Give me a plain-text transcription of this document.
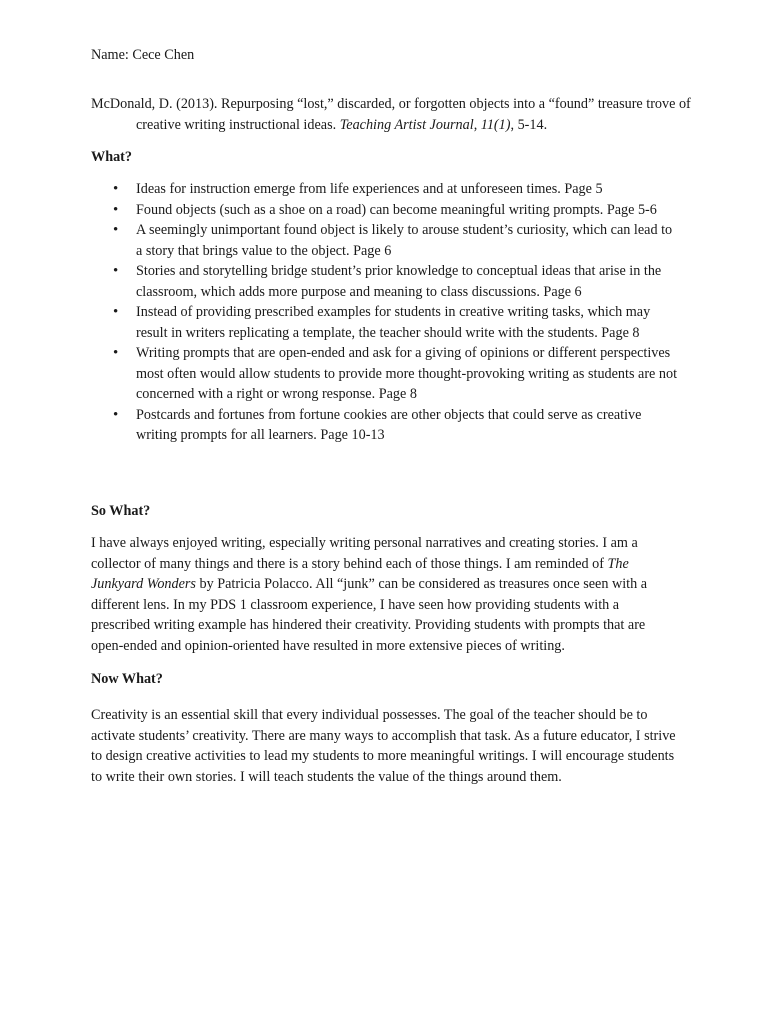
Name: Cece Chen
McDonald, D. (2013). Repurposing “lost,” discarded, or forgotten objects into a “found” treasure trove of creative writing instructional ideas. Teaching Artist Journal, 11(1), 5-14.
What?
• Ideas for instruction emerge from life experiences and at unforeseen times. Page 5
• Found objects (such as a shoe on a road) can become meaningful writing prompts. Page 5-6
• A seemingly unimportant found object is likely to arouse student’s curiosity, which can lead to a story that brings value to the object. Page 6
• Stories and storytelling bridge student’s prior knowledge to conceptual ideas that arise in the classroom, which adds more purpose and meaning to class discussions. Page 6
• Instead of providing prescribed examples for students in creative writing tasks, which may result in writers replicating a template, the teacher should write with the students. Page 8
• Writing prompts that are open-ended and ask for a giving of opinions or different perspectives most often would allow students to provide more thought-provoking writing as students are not concerned with a right or wrong response. Page 8
• Postcards and fortunes from fortune cookies are other objects that could serve as creative writing prompts for all learners. Page 10-13
So What?

I have always enjoyed writing, especially writing personal narratives and creating stories. I am a collector of many things and there is a story behind each of those things. I am reminded of The Junkyard Wonders by Patricia Polacco. All “junk” can be considered as treasures once seen with a different lens. In my PDS 1 classroom experience, I have seen how providing students with a prescribed writing example has hindered their creativity. Providing students with prompts that are open-ended and opinion-oriented have resulted in more extensive pieces of writing.

Now What?

Creativity is an essential skill that every individual possesses. The goal of the teacher should be to activate students’ creativity. There are many ways to accomplish that task. As a future educator, I strive to design creative activities to lead my students to more meaningful writings. I will encourage students to write their own stories. I will teach students the value of the things around them.
